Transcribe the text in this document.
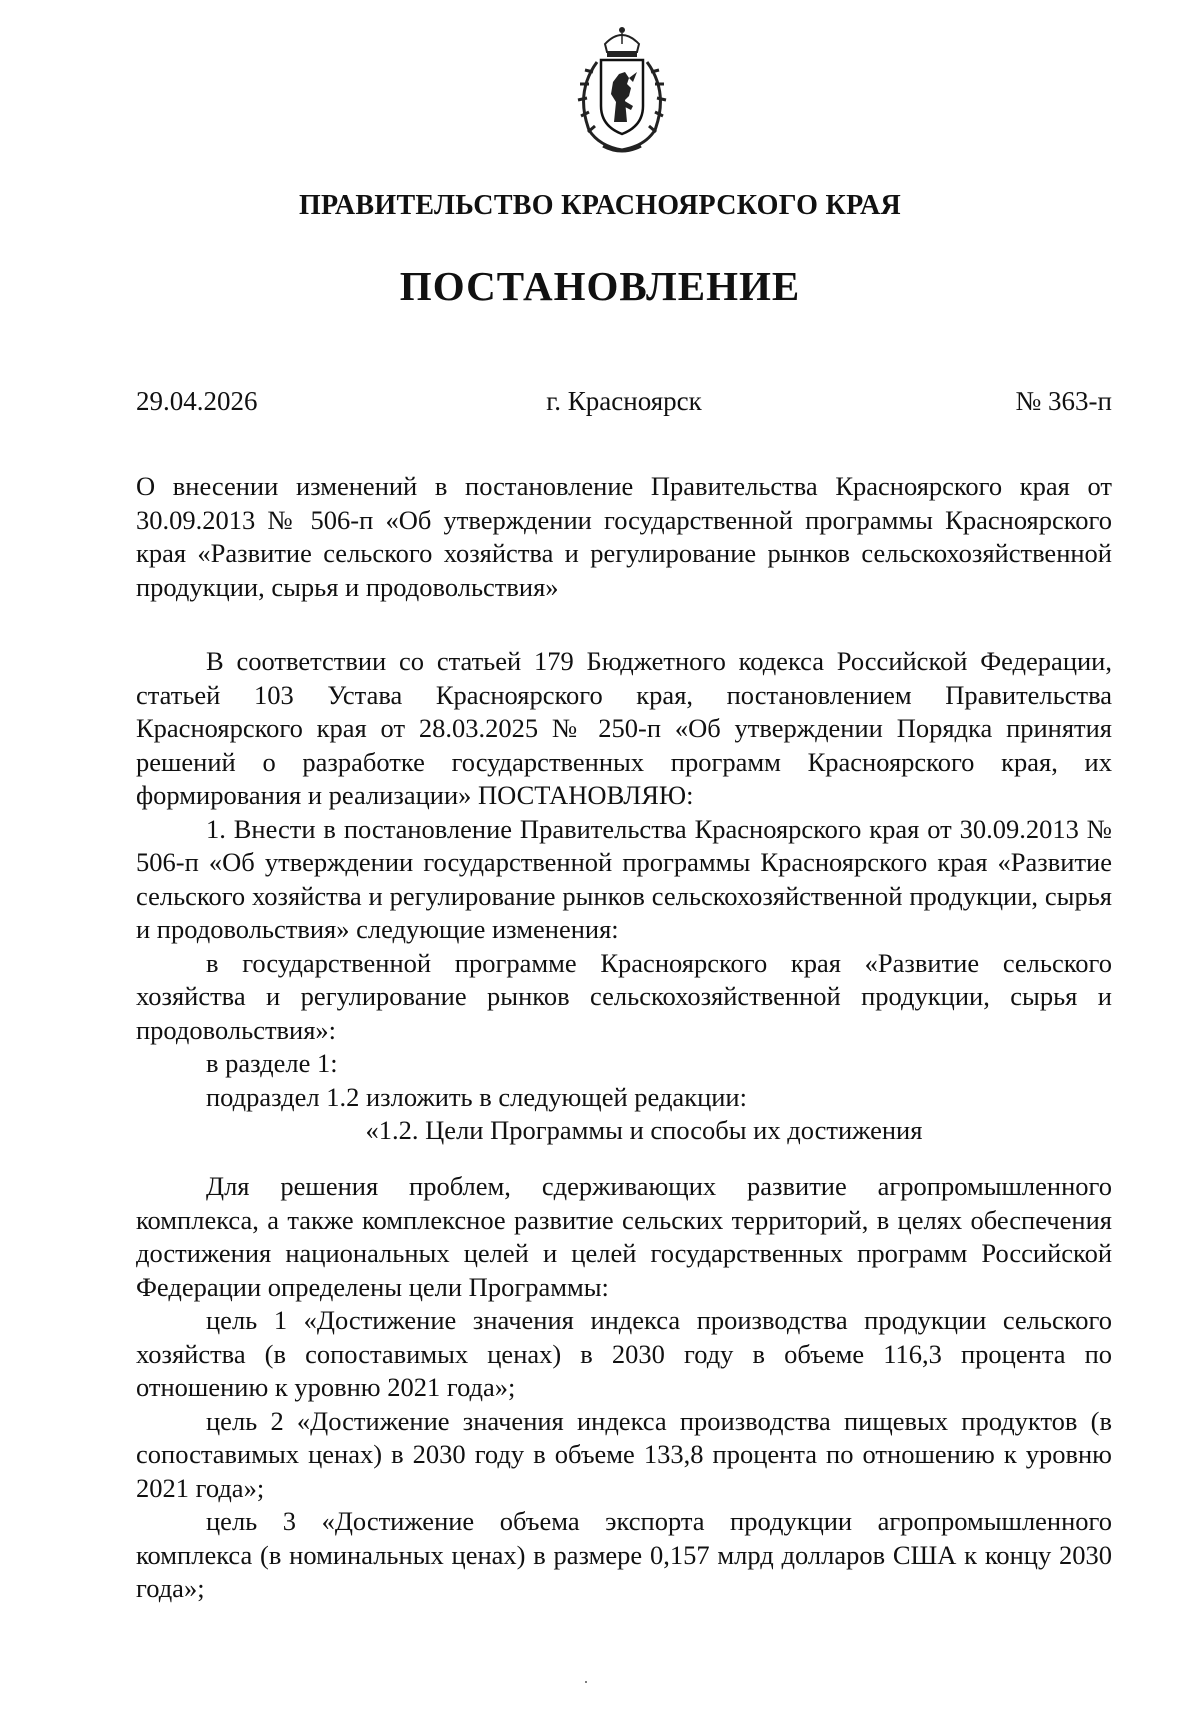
ПРАВИТЕЛЬСТВО КРАСНОЯРСКОГО КРАЯ
ПОСТАНОВЛЕНИЕ
29.04.2026	г. Красноярск	№ 363-п

О внесении изменений в постановление Правительства Красноярского края от 30.09.2013 № 506-п «Об утверждении государственной программы Красноярского края «Развитие сельского хозяйства и регулирование рынков сельскохозяйственной продукции, сырья и продовольствия»

В соответствии со статьей 179 Бюджетного кодекса Российской Федерации, статьей 103 Устава Красноярского края, постановлением Правительства Красноярского края от 28.03.2025 № 250-п «Об утверждении Порядка принятия решений о разработке государственных программ Красноярского края, их формирования и реализации» ПОСТАНОВЛЯЮ:

1. Внести в постановление Правительства Красноярского края от 30.09.2013 № 506-п «Об утверждении государственной программы Красноярского края «Развитие сельского хозяйства и регулирование рынков сельскохозяйственной продукции, сырья и продовольствия» следующие изменения:

в государственной программе Красноярского края «Развитие сельского хозяйства и регулирование рынков сельскохозяйственной продукции, сырья и продовольствия»:

в разделе 1:

подраздел 1.2 изложить в следующей редакции:

«1.2. Цели Программы и способы их достижения

Для решения проблем, сдерживающих развитие агропромышленного комплекса, а также комплексное развитие сельских территорий, в целях обеспечения достижения национальных целей и целей государственных программ Российской Федерации определены цели Программы:

цель 1 «Достижение значения индекса производства продукции сельского хозяйства (в сопоставимых ценах) в 2030 году в объеме 116,3 процента по отношению к уровню 2021 года»;

цель 2 «Достижение значения индекса производства пищевых продуктов (в сопоставимых ценах) в 2030 году в объеме 133,8 процента по отношению к уровню 2021 года»;

цель 3 «Достижение объема экспорта продукции агропромышленного комплекса (в номинальных ценах) в размере 0,157 млрд долларов США к концу 2030 года»;
